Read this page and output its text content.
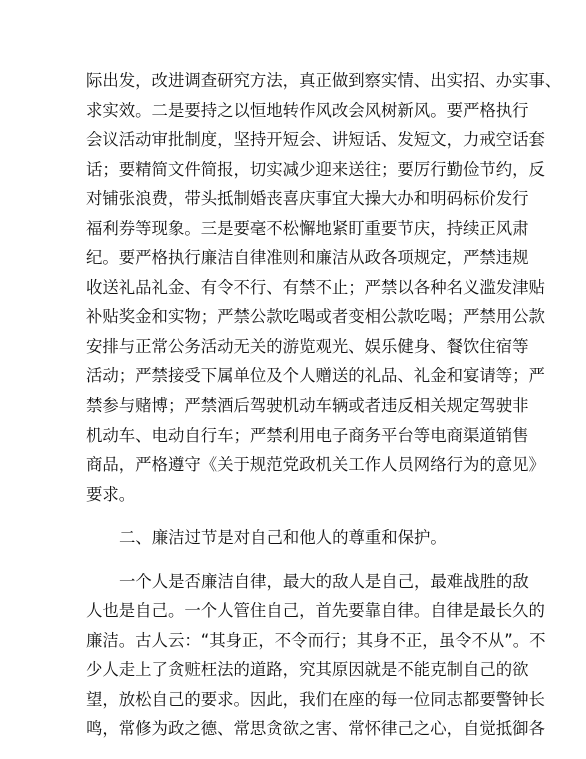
际出发，改进调查研究方法，真正做到察实情、出实招、办实事、
求实效。二是要持之以恒地转作风改会风树新风。要严格执行
会议活动审批制度，坚持开短会、讲短话、发短文，力戒空话套
话；要精简文件简报，切实减少迎来送往；要厉行勤俭节约，反
对铺张浪费，带头抵制婚丧喜庆事宜大操大办和明码标价发行
福利券等现象。三是要毫不松懈地紧盯重要节庆，持续正风肃
纪。要严格执行廉洁自律准则和廉洁从政各项规定，严禁违规
收送礼品礼金、有令不行、有禁不止；严禁以各种名义滥发津贴
补贴奖金和实物；严禁公款吃喝或者变相公款吃喝；严禁用公款
安排与正常公务活动无关的游览观光、娱乐健身、餐饮住宿等
活动；严禁接受下属单位及个人赠送的礼品、礼金和宴请等；严
禁参与赌博；严禁酒后驾驶机动车辆或者违反相关规定驾驶非
机动车、电动自行车；严禁利用电子商务平台等电商渠道销售
商品，严格遵守《关于规范党政机关工作人员网络行为的意见》
要求。
二、廉洁过节是对自己和他人的尊重和保护。
一个人是否廉洁自律，最大的敌人是自己，最难战胜的敌
人也是自己。一个人管住自己，首先要靠自律。自律是最长久的
廉洁。古人云：“其身正，不令而行；其身不正，虽令不从”。不
少人走上了贪赃枉法的道路，究其原因就是不能克制自己的欲
望，放松自己的要求。因此，我们在座的每一位同志都要警钟长
鸣，常修为政之德、常思贪欲之害、常怀律己之心，自觉抵御各
